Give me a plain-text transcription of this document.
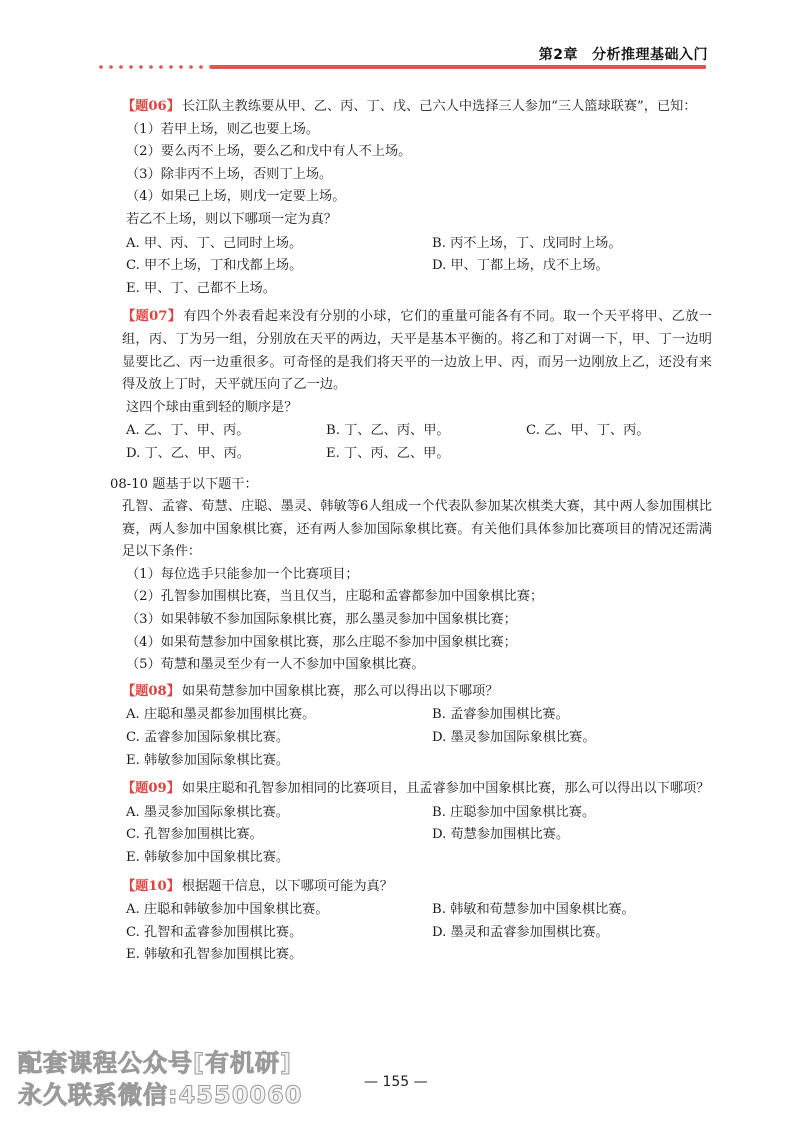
第2章 分析推理基础入门

【题06】 长江队主教练要从甲、乙、丙、丁、戊、己六人中选择三人参加“三人篮球联赛”，已知：

（1）若甲上场，则乙也要上场。

（2）要么丙不上场，要么乙和戊中有人不上场。

（3）除非丙不上场，否则丁上场。

（4）如果己上场，则戊一定要上场。

若乙不上场，则以下哪项一定为真？

A. 甲、丙、丁、己同时上场。	B. 丙不上场，丁、戊同时上场。
C. 甲不上场，丁和戊都上场。	D. 甲、丁都上场，戊不上场。
E. 甲、丁、己都不上场。

【题07】 有四个外表看起来没有分别的小球，它们的重量可能各有不同。取一个天平将甲、乙放一组，丙、丁为另一组，分别放在天平的两边，天平是基本平衡的。将乙和丁对调一下，甲、丁一边明显要比乙、丙一边重很多。可奇怪的是我们将天平的一边放上甲、丙，而另一边刚放上乙，还没有来得及放上丁时，天平就压向了乙一边。

这四个球由重到轻的顺序是？

A. 乙、丁、甲、丙。	B. 丁、乙、丙、甲。	C. 乙、甲、丁、丙。
D. 丁、乙、甲、丙。	E. 丁、丙、乙、甲。

08-10 题基于以下题干：

孔智、孟睿、荀慧、庄聪、墨灵、韩敏等6人组成一个代表队参加某次棋类大赛，其中两人参加围棋比赛，两人参加中国象棋比赛，还有两人参加国际象棋比赛。有关他们具体参加比赛项目的情况还需满足以下条件：

（1）每位选手只能参加一个比赛项目；

（2）孔智参加围棋比赛，当且仅当，庄聪和孟睿都参加中国象棋比赛；

（3）如果韩敏不参加国际象棋比赛，那么墨灵参加中国象棋比赛；

（4）如果荀慧参加中国象棋比赛，那么庄聪不参加中国象棋比赛；

（5）荀慧和墨灵至少有一人不参加中国象棋比赛。

【题08】 如果荀慧参加中国象棋比赛，那么可以得出以下哪项？

A. 庄聪和墨灵都参加围棋比赛。	B. 孟睿参加围棋比赛。
C. 孟睿参加国际象棋比赛。	D. 墨灵参加国际象棋比赛。
E. 韩敏参加国际象棋比赛。

【题09】 如果庄聪和孔智参加相同的比赛项目，且孟睿参加中国象棋比赛，那么可以得出以下哪项？

A. 墨灵参加国际象棋比赛。	B. 庄聪参加中国象棋比赛。
C. 孔智参加围棋比赛。	D. 荀慧参加围棋比赛。
E. 韩敏参加中国象棋比赛。

【题10】 根据题干信息，以下哪项可能为真？

A. 庄聪和韩敏参加中国象棋比赛。	B. 韩敏和荀慧参加中国象棋比赛。
C. 孔智和孟睿参加围棋比赛。	D. 墨灵和孟睿参加围棋比赛。
E. 韩敏和孔智参加围棋比赛。
— 155 —
配套课程公众号[有机研]
永久联系微信:4550060
